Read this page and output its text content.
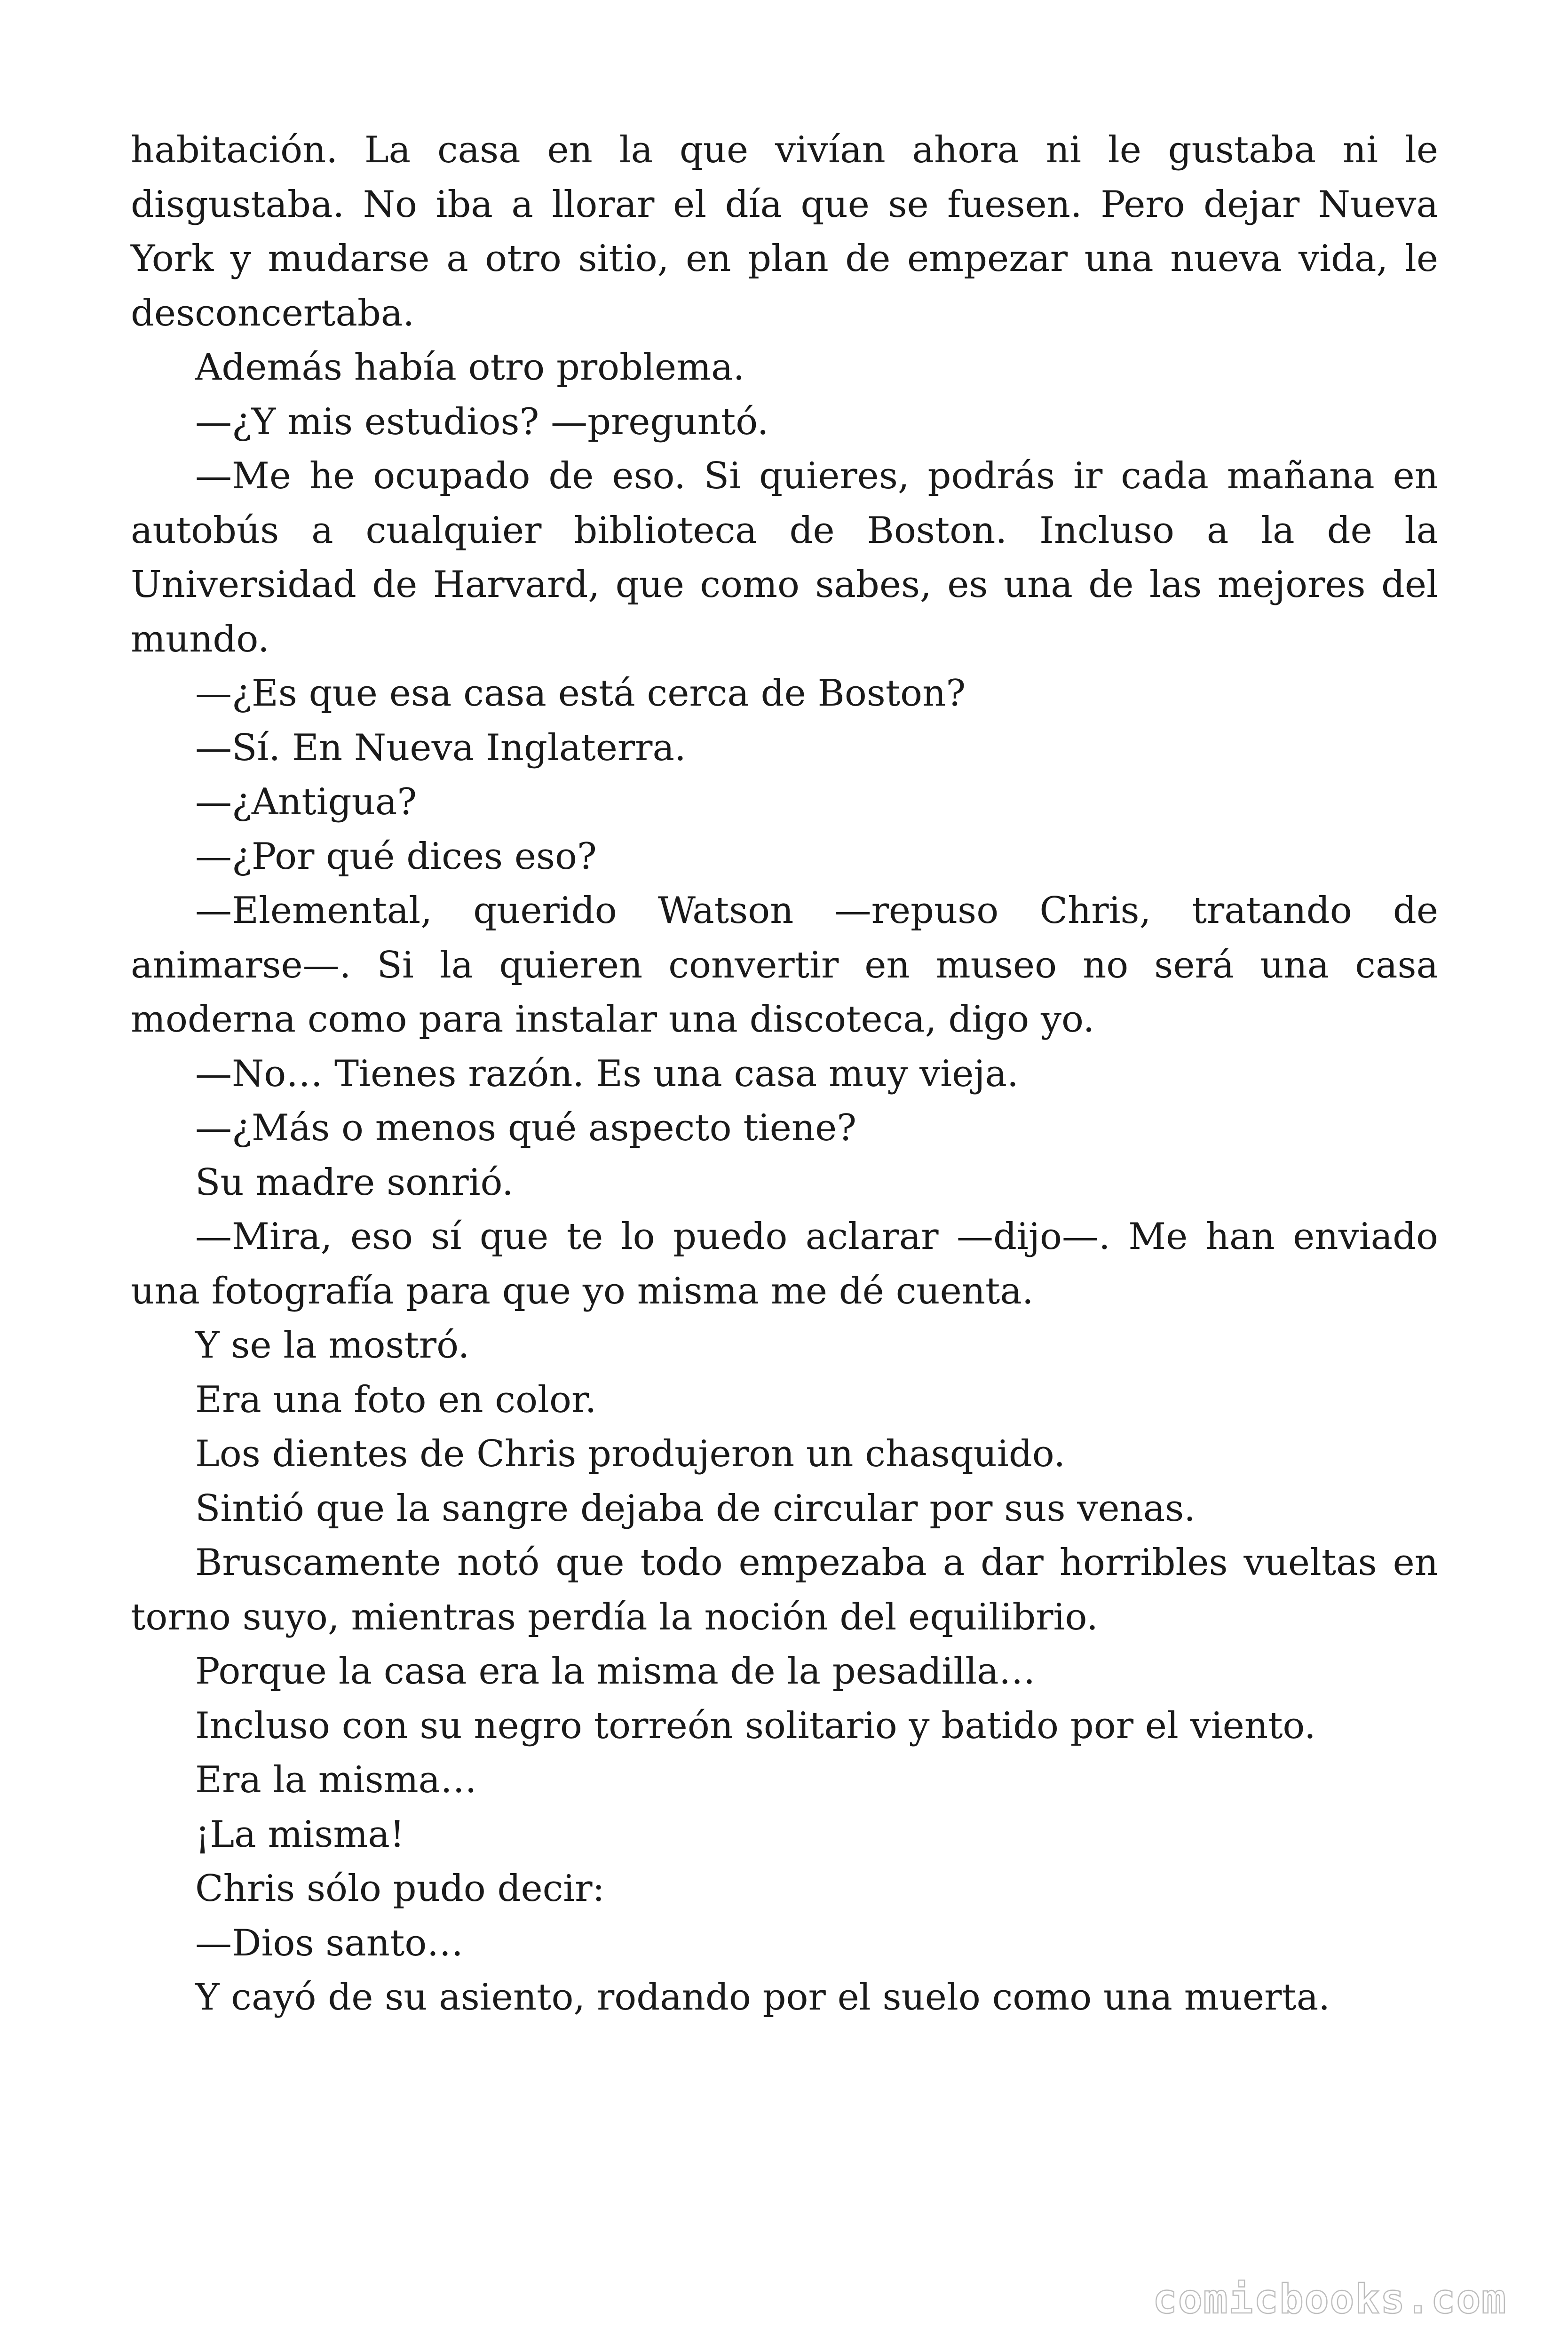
habitación. La casa en la que vivían ahora ni le gustaba ni le disgustaba. No iba a llorar el día que se fuesen. Pero dejar Nueva York y mudarse a otro sitio, en plan de empezar una nueva vida, le desconcertaba.

Además había otro problema.

—¿Y mis estudios? —preguntó.

—Me he ocupado de eso. Si quieres, podrás ir cada mañana en autobús a cualquier biblioteca de Boston. Incluso a la de la Universidad de Harvard, que como sabes, es una de las mejores del mundo.

—¿Es que esa casa está cerca de Boston?

—Sí. En Nueva Inglaterra.

—¿Antigua?

—¿Por qué dices eso?

—Elemental, querido Watson —repuso Chris, tratando de animarse—. Si la quieren convertir en museo no será una casa moderna como para instalar una discoteca, digo yo.

—No… Tienes razón. Es una casa muy vieja.

—¿Más o menos qué aspecto tiene?

Su madre sonrió.

—Mira, eso sí que te lo puedo aclarar —dijo—. Me han enviado una fotografía para que yo misma me dé cuenta.

Y se la mostró.

Era una foto en color.

Los dientes de Chris produjeron un chasquido.

Sintió que la sangre dejaba de circular por sus venas.

Bruscamente notó que todo empezaba a dar horribles vueltas en torno suyo, mientras perdía la noción del equilibrio.

Porque la casa era la misma de la pesadilla…

Incluso con su negro torreón solitario y batido por el viento.

Era la misma…

¡La misma!

Chris sólo pudo decir:

—Dios santo…

Y cayó de su asiento, rodando por el suelo como una muerta.

comicbooks.com
